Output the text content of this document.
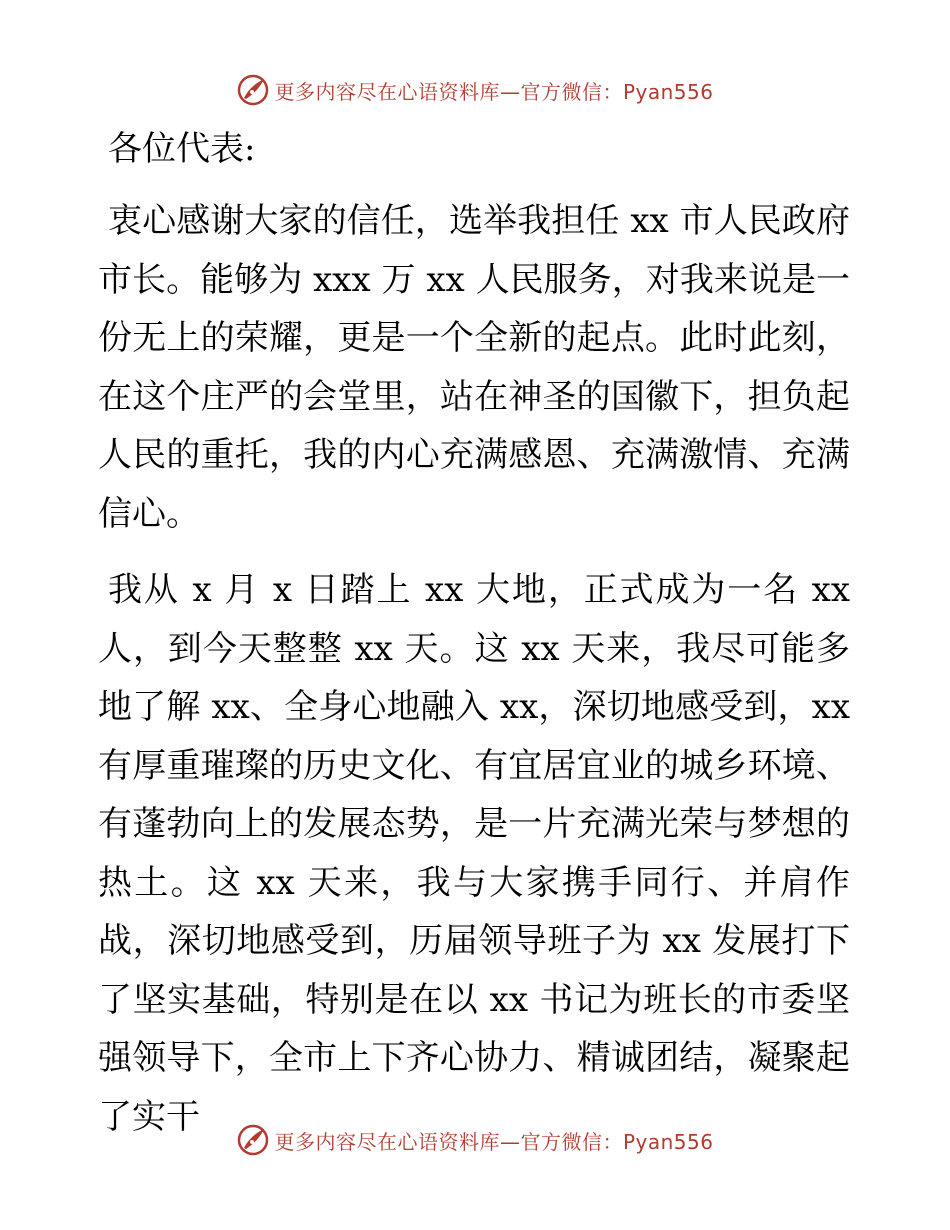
更多内容尽在心语资料库—官方微信：Pyan556
各位代表:

衷心感谢大家的信任，选举我担任 xx 市人民政府市长。能够为 xxx 万 xx 人民服务，对我来说是一份无上的荣耀，更是一个全新的起点。此时此刻，在这个庄严的会堂里，站在神圣的国徽下，担负起人民的重托，我的内心充满感恩、充满激情、充满信心。

我从 x 月 x 日踏上 xx 大地，正式成为一名 xx 人，到今天整整 xx 天。这 xx 天来，我尽可能多地了解 xx、全身心地融入 xx，深切地感受到，xx 有厚重璀璨的历史文化、有宜居宜业的城乡环境、有蓬勃向上的发展态势，是一片充满光荣与梦想的热土。这 xx 天来，我与大家携手同行、并肩作战，深切地感受到，历届领导班子为 xx 发展打下了坚实基础，特别是在以 xx 书记为班长的市委坚强领导下，全市上下齐心协力、精诚团结，凝聚起了实干

更多内容尽在心语资料库—官方微信：Pyan556
